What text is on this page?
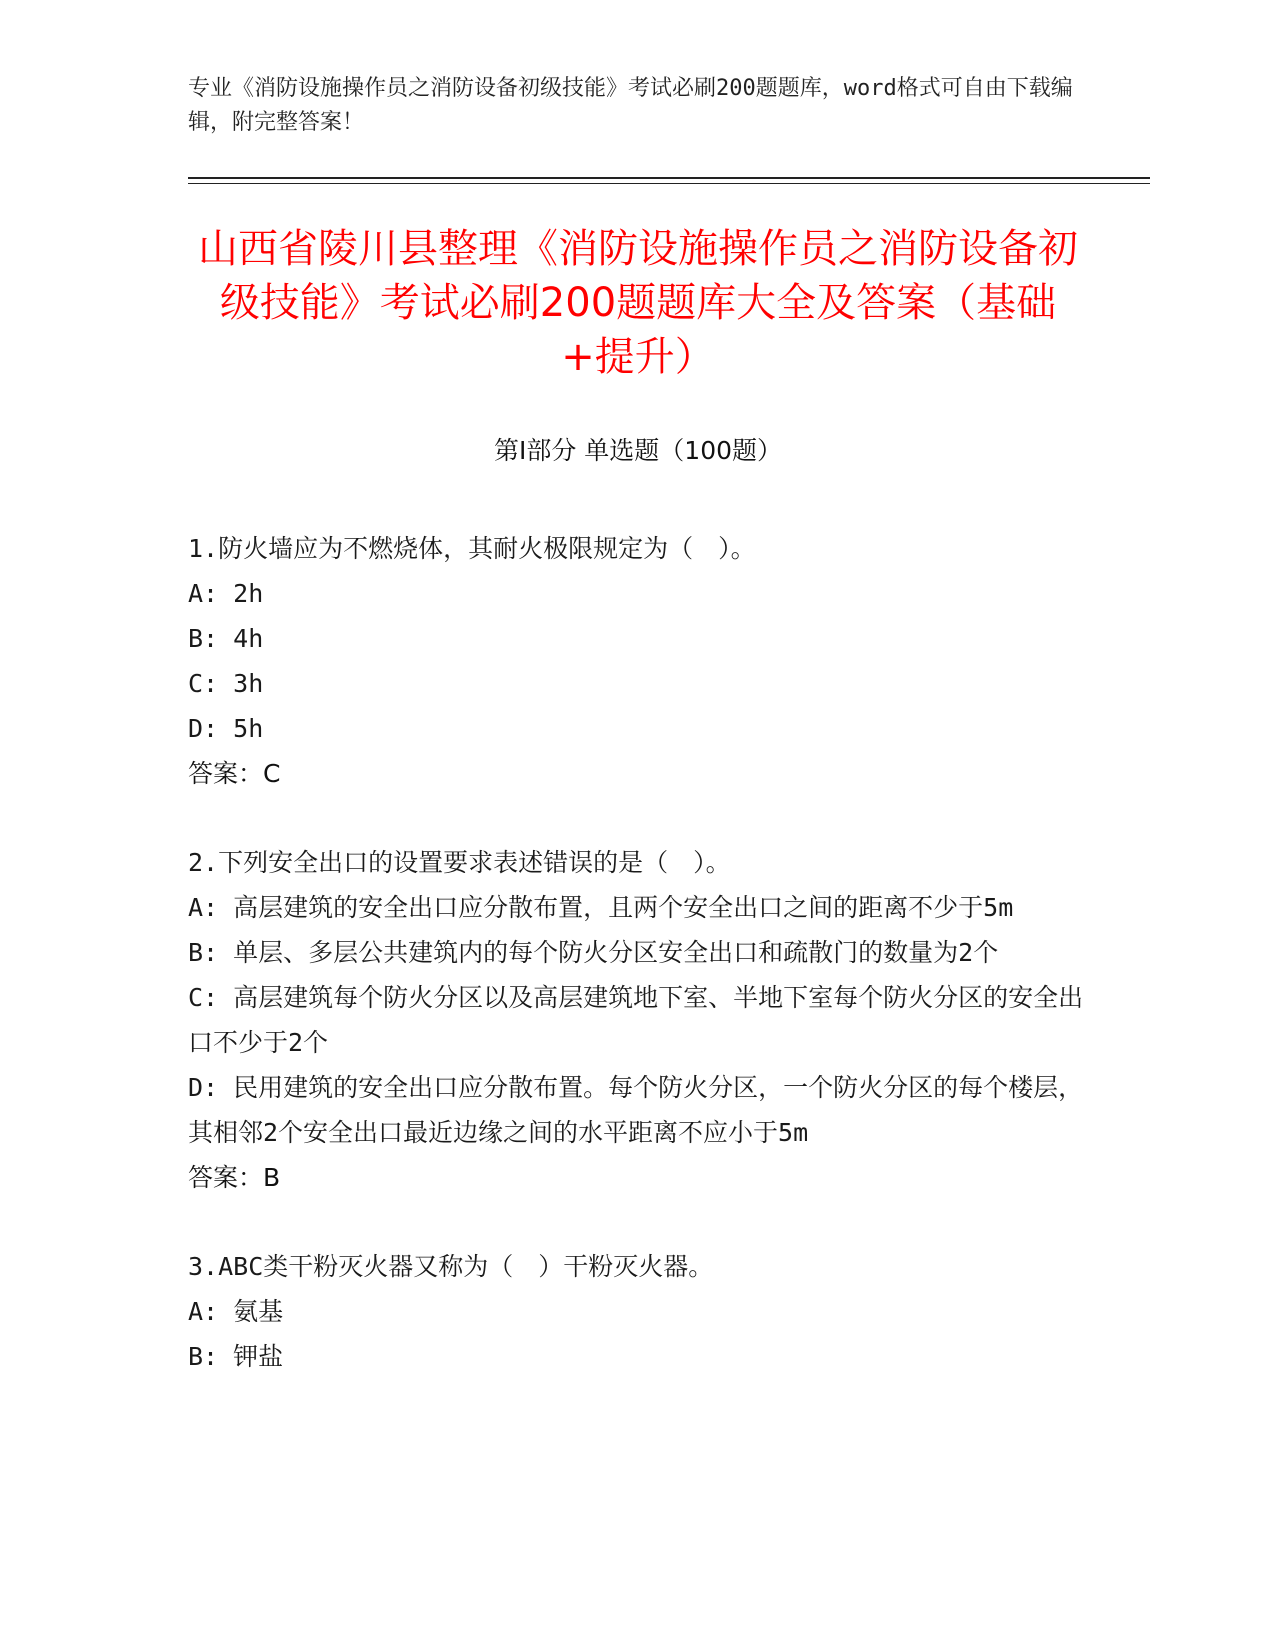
专业《消防设施操作员之消防设备初级技能》考试必刷200题题库，word格式可自由下载编辑，附完整答案！
山西省陵川县整理《消防设施操作员之消防设备初级技能》考试必刷200题题库大全及答案（基础+提升）
第Ⅰ部分 单选题（100题）
1.防火墙应为不燃烧体，其耐火极限规定为（　）。
A: 2h
B: 4h
C: 3h
D: 5h
答案：C
2.下列安全出口的设置要求表述错误的是（　）。
A: 高层建筑的安全出口应分散布置，且两个安全出口之间的距离不少于5m
B: 单层、多层公共建筑内的每个防火分区安全出口和疏散门的数量为2个
C: 高层建筑每个防火分区以及高层建筑地下室、半地下室每个防火分区的安全出口不少于2个
D: 民用建筑的安全出口应分散布置。每个防火分区，一个防火分区的每个楼层，其相邻2个安全出口最近边缘之间的水平距离不应小于5m
答案：B
3.ABC类干粉灭火器又称为（　）干粉灭火器。
A: 氨基
B: 钾盐
